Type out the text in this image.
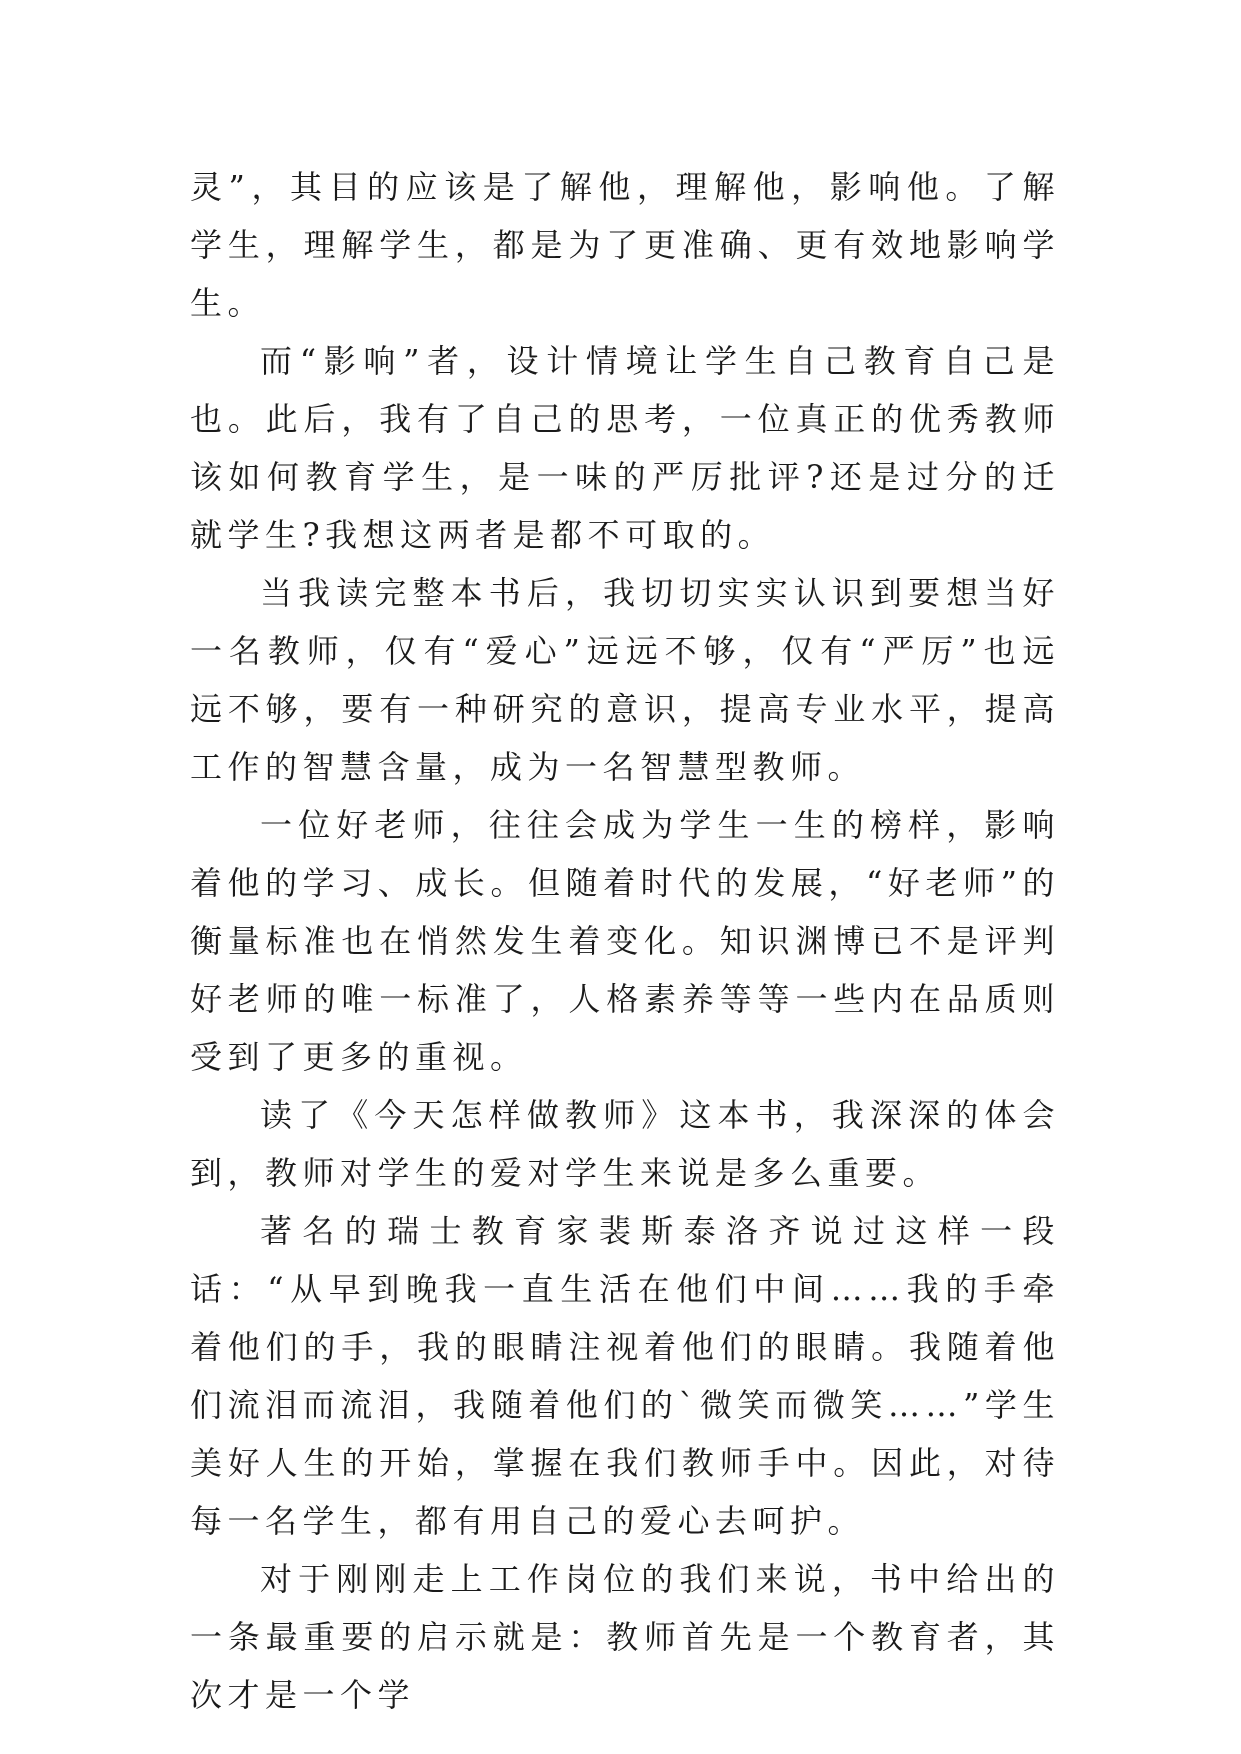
灵”，其目的应该是了解他，理解他，影响他。了解学生，理解学生，都是为了更准确、更有效地影响学生。

而“影响”者，设计情境让学生自己教育自己是也。此后，我有了自己的思考，一位真正的优秀教师该如何教育学生，是一味的严厉批评?还是过分的迁就学生?我想这两者是都不可取的。

当我读完整本书后，我切切实实认识到要想当好一名教师，仅有“爱心”远远不够，仅有“严厉”也远远不够，要有一种研究的意识，提高专业水平，提高工作的智慧含量，成为一名智慧型教师。

一位好老师，往往会成为学生一生的榜样，影响着他的学习、成长。但随着时代的发展，“好老师”的衡量标准也在悄然发生着变化。知识渊博已不是评判好老师的唯一标准了，人格素养等等一些内在品质则受到了更多的重视。

读了《今天怎样做教师》这本书，我深深的体会到，教师对学生的爱对学生来说是多么重要。

著名的瑞士教育家裴斯泰洛齐说过这样一段话：“从早到晚我一直生活在他们中间……我的手牵着他们的手，我的眼睛注视着他们的眼睛。我随着他们流泪而流泪，我随着他们的`微笑而微笑……”学生美好人生的开始，掌握在我们教师手中。因此，对待每一名学生，都有用自己的爱心去呵护。

对于刚刚走上工作岗位的我们来说，书中给出的一条最重要的启示就是：教师首先是一个教育者，其次才是一个学
